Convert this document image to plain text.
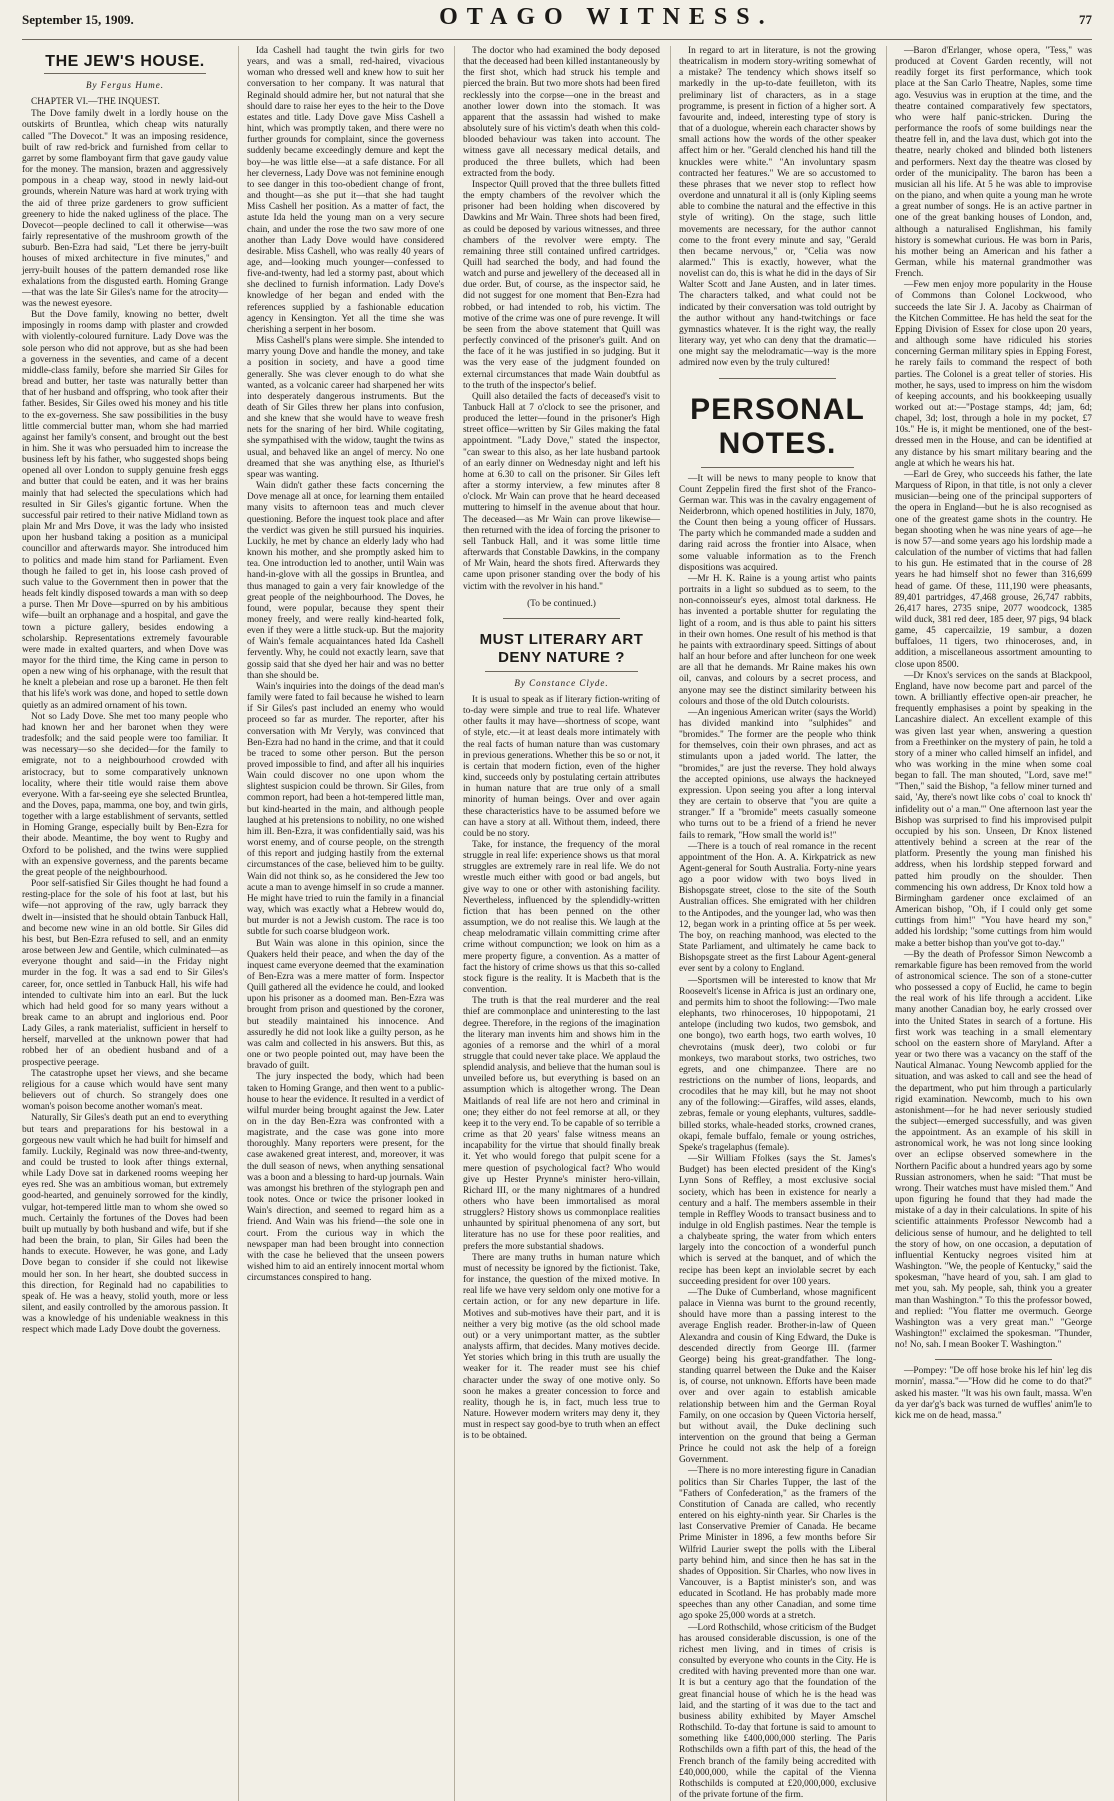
September 15, 1909.	OTAGO WITNESS.	77
THE JEW'S HOUSE.
By Fergus Hume.
CHAPTER VI.—THE INQUEST.

The Dove family dwelt in a lordly house on the outskirts of Bruntlea, which cheap wits naturally called "The Dovecot." It was an imposing residence, built of raw red-brick and furnished from cellar to garret by some flamboyant firm that gave gaudy value for the money. The mansion, brazen and aggressively pompous in a cheap way, stood in newly laid-out grounds, wherein Nature was hard at work trying with the aid of three prize gardeners to grow sufficient greenery to hide the naked ugliness of the place. The Dovecot—people declined to call it otherwise—was fairly representative of the mushroom growth of the suburb. Ben-Ezra had said, "Let there be jerry-built houses of mixed architecture in five minutes," and jerry-built houses of the pattern demanded rose like exhalations from the disgusted earth. Homing Grange—that was the late Sir Giles's name for the atrocity—was the newest eyesore.

But the Dove family, knowing no better, dwelt imposingly in rooms damp with plaster and crowded with violently-coloured furniture. Lady Dove was the sole person who did not approve, but as she had been a governess in the seventies, and came of a decent middle-class family, before she married Sir Giles for bread and butter, her taste was naturally better than that of her husband and offspring, who took after their father. Besides, Sir Giles owed his money and his title to the ex-governess. She saw possibilities in the busy little commercial butter man, whom she had married against her family's consent, and brought out the best in him. She it was who persuaded him to increase the business left by his father, who suggested shops being opened all over London to supply genuine fresh eggs and butter that could be eaten, and it was her brains mainly that had selected the speculations which had resulted in Sir Giles's gigantic fortune. When the successful pair retired to their native Midland town as plain Mr and Mrs Dove, it was the lady who insisted upon her husband taking a position as a municipal councillor and afterwards mayor. She introduced him to politics and made him stand for Parliament. Even though he failed to get in, his loose cash proved of such value to the Government then in power that the heads felt kindly disposed towards a man with so deep a purse. Then Mr Dove—spurred on by his ambitious wife—built an orphanage and a hospital, and gave the town a picture gallery, besides endowing a scholarship. Representations extremely favourable were made in exalted quarters, and when Dove was mayor for the third time, the King came in person to open a new wing of his orphanage, with the result that he knelt a plebeian and rose up a baronet. He then felt that his life's work was done, and hoped to settle down quietly as an admired ornament of his town.

Not so Lady Dove. She met too many people who had known her and her baronet when they were tradesfolk; and the said people were too familiar. It was necessary—so she decided—for the family to emigrate, not to a neighbourhood crowded with aristocracy, but to some comparatively unknown locality, where their title would raise them above everyone. With a far-seeing eye she selected Bruntlea, and the Doves, papa, mamma, one boy, and twin girls, together with a large establishment of servants, settled in Homing Grange, especially built by Ben-Ezra for their abode. Meantime, the boy went to Rugby and Oxford to be polished, and the twins were supplied with an expensive governess, and the parents became the great people of the neighbourhood.

Poor self-satisfied Sir Giles thought he had found a resting-place for the sole of his foot at last, but his wife—not approving of the raw, ugly barrack they dwelt in—insisted that he should obtain Tanbuck Hall, and become new wine in an old bottle. Sir Giles did his best, but Ben-Ezra refused to sell, and an enmity arose between Jew and Gentile, which culminated—as everyone thought and said—in the Friday night murder in the fog. It was a sad end to Sir Giles's career, for, once settled in Tanbuck Hall, his wife had intended to cultivate him into an earl. But the luck which had held good for so many years without a break came to an abrupt and inglorious end. Poor Lady Giles, a rank materialist, sufficient in herself to herself, marvelled at the unknown power that had robbed her of an obedient husband and of a prospective peerage.

The catastrophe upset her views, and she became religious for a cause which would have sent many believers out of church. So strangely does one woman's poison become another woman's meat.

Naturally, Sir Giles's death put an end to everything but tears and preparations for his bestowal in a gorgeous new vault which he had built for himself and family. Luckily, Reginald was now three-and-twenty, and could be trusted to look after things external, while Lady Dove sat in darkened rooms weeping her eyes red. She was an ambitious woman, but extremely good-hearted, and genuinely sorrowed for the kindly, vulgar, hot-tempered little man to whom she owed so much. Certainly the fortunes of the Doves had been built up mutually by both husband and wife, but if she had been the brain, to plan, Sir Giles had been the hands to execute. However, he was gone, and Lady Dove began to consider if she could not likewise mould her son. In her heart, she doubted success in this direction, for Reginald had no capabilities to speak of. He was a heavy, stolid youth, more or less silent, and easily controlled by the amorous passion. It was a knowledge of his undeniable weakness in this respect which made Lady Dove doubt the governess.

Ida Cashell had taught the twin girls for two years, and was a small, red-haired, vivacious woman who dressed well and knew how to suit her conversation to her company. It was natural that Reginald should admire her, but not natural that she should dare to raise her eyes to the heir to the Dove estates and title. Lady Dove gave Miss Cashell a hint, which was promptly taken, and there were no further grounds for complaint, since the governess suddenly became exceedingly demure and kept the boy—he was little else—at a safe distance. For all her cleverness, Lady Dove was not feminine enough to see danger in this too-obedient change of front, and thought—as she put it—that she had taught Miss Cashell her position. As a matter of fact, the astute Ida held the young man on a very secure chain, and under the rose the two saw more of one another than Lady Dove would have considered desirable. Miss Cashell, who was really 40 years of age, and—looking much younger—confessed to five-and-twenty, had led a stormy past, about which she declined to furnish information. Lady Dove's knowledge of her began and ended with the references supplied by a fashionable education agency in Kensington. Yet all the time she was cherishing a serpent in her bosom.

Miss Cashell's plans were simple. She intended to marry young Dove and handle the money, and take a position in society, and have a good time generally. She was clever enough to do what she wanted, as a volcanic career had sharpened her wits into desperately dangerous instruments. But the death of Sir Giles threw her plans into confusion, and she knew that she would have to weave fresh nets for the snaring of her bird. While cogitating, she sympathised with the widow, taught the twins as usual, and behaved like an angel of mercy. No one dreamed that she was anything else, as Ithuriel's spear was wanting.

Wain didn't gather these facts concerning the Dove menage all at once, for learning them entailed many visits to afternoon teas and much clever questioning. Before the inquest took place and after the verdict was given he still pursued his inquiries. Luckily, he met by chance an elderly lady who had known his mother, and she promptly asked him to tea. One introduction led to another, until Wain was hand-in-glove with all the gossips in Bruntlea, and thus managed to gain a very fair knowledge of the great people of the neighbourhood. The Doves, he found, were popular, because they spent their money freely, and were really kind-hearted folk, even if they were a little stuck-up. But the majority of Wain's female acquaintances hated Ida Cashell fervently. Why, he could not exactly learn, save that gossip said that she dyed her hair and was no better than she should be.

Wain's inquiries into the doings of the dead man's family were fated to fail because he wished to learn if Sir Giles's past included an enemy who would proceed so far as murder. The reporter, after his conversation with Mr Veryly, was convinced that Ben-Ezra had no hand in the crime, and that it could be traced to some other person. But the person proved impossible to find, and after all his inquiries Wain could discover no one upon whom the slightest suspicion could be thrown. Sir Giles, from common report, had been a hot-tempered little man, but kind-hearted in the main, and although people laughed at his pretensions to nobility, no one wished him ill. Ben-Ezra, it was confidentially said, was his worst enemy, and of course people, on the strength of this report and judging hastily from the external circumstances of the case, believed him to be guilty. Wain did not think so, as he considered the Jew too acute a man to avenge himself in so crude a manner. He might have tried to ruin the family in a financial way, which was exactly what a Hebrew would do, but murder is not a Jewish custom. The race is too subtle for such coarse bludgeon work.

But Wain was alone in this opinion, since the Quakers held their peace, and when the day of the inquest came everyone deemed that the examination of Ben-Ezra was a mere matter of form. Inspector Quill gathered all the evidence he could, and looked upon his prisoner as a doomed man. Ben-Ezra was brought from prison and questioned by the coroner, but steadily maintained his innocence. And assuredly he did not look like a guilty person, as he was calm and collected in his answers. But this, as one or two people pointed out, may have been the bravado of guilt.

The jury inspected the body, which had been taken to Homing Grange, and then went to a public-house to hear the evidence. It resulted in a verdict of wilful murder being brought against the Jew. Later on in the day Ben-Ezra was confronted with a magistrate, and the case was gone into more thoroughly. Many reporters were present, for the case awakened great interest, and, moreover, it was the dull season of news, when anything sensational was a boon and a blessing to hard-up journals. Wain was amongst his brethren of the stylograph pen and took notes. Once or twice the prisoner looked in Wain's direction, and seemed to regard him as a friend. And Wain was his friend—the sole one in court. From the curious way in which the newspaper man had been brought into connection with the case he believed that the unseen powers wished him to aid an entirely innocent mortal whom circumstances conspired to hang.

The doctor who had examined the body deposed that the deceased had been killed instantaneously by the first shot, which had struck his temple and pierced the brain. But two more shots had been fired recklessly into the corpse—one in the breast and another lower down into the stomach. It was apparent that the assassin had wished to make absolutely sure of his victim's death when this cold-blooded behaviour was taken into account. The witness gave all necessary medical details, and produced the three bullets, which had been extracted from the body.

Inspector Quill proved that the three bullets fitted the empty chambers of the revolver which the prisoner had been holding when discovered by Dawkins and Mr Wain. Three shots had been fired, as could be deposed by various witnesses, and three chambers of the revolver were empty. The remaining three still contained unfired cartridges. Quill had searched the body, and had found the watch and purse and jewellery of the deceased all in due order. But, of course, as the inspector said, he did not suggest for one moment that Ben-Ezra had robbed, or had intended to rob, his victim. The motive of the crime was one of pure revenge. It will be seen from the above statement that Quill was perfectly convinced of the prisoner's guilt. And on the face of it he was justified in so judging. But it was the very ease of the judgment founded on external circumstances that made Wain doubtful as to the truth of the inspector's belief.

Quill also detailed the facts of deceased's visit to Tanbuck Hall at 7 o'clock to see the prisoner, and produced the letter—found in the prisoner's High street office—written by Sir Giles making the fatal appointment. "Lady Dove," stated the inspector, "can swear to this also, as her late husband partook of an early dinner on Wednesday night and left his home at 6.30 to call on the prisoner. Sir Giles left after a stormy interview, a few minutes after 8 o'clock. Mr Wain can prove that he heard deceased muttering to himself in the avenue about that hour. The deceased—as Mr Wain can prove likewise—then returned with the idea of forcing the prisoner to sell Tanbuck Hall, and it was some little time afterwards that Constable Dawkins, in the company of Mr Wain, heard the shots fired. Afterwards they came upon prisoner standing over the body of his victim with the revolver in his hand."

(To be continued.)
MUST LITERARY ART DENY NATURE ?
By Constance Clyde.

It is usual to speak as if literary fiction-writing of to-day were simple and true to real life. Whatever other faults it may have—shortness of scope, want of style, etc.—it at least deals more intimately with the real facts of human nature than was customary in previous generations. Whether this be so or not, it is certain that modern fiction, even of the higher kind, succeeds only by postulating certain attributes in human nature that are true only of a small minority of human beings. Over and over again these characteristics have to be assumed before we can have a story at all. Without them, indeed, there could be no story.

Take, for instance, the frequency of the moral struggle in real life: experience shows us that moral struggles are extremely rare in real life. We do not wrestle much either with good or bad angels, but give way to one or other with astonishing facility. Nevertheless, influenced by the splendidly-written fiction that has been penned on the other assumption, we do not realise this. We laugh at the cheap melodramatic villain committing crime after crime without compunction; we look on him as a mere property figure, a convention. As a matter of fact the history of crime shows us that this so-called stock figure is the reality. It is Macbeth that is the convention.

The truth is that the real murderer and the real thief are commonplace and uninteresting to the last degree. Therefore, in the regions of the imagination the literary man invents him and shows him in the agonies of a remorse and the whirl of a moral struggle that could never take place. We applaud the splendid analysis, and believe that the human soul is unveiled before us, but everything is based on an assumption which is altogether wrong. The Dean Maitlands of real life are not hero and criminal in one; they either do not feel remorse at all, or they keep it to the very end. To be capable of so terrible a crime as that 20 years' false witness means an incapability for the virtue that should finally break it. Yet who would forego that pulpit scene for a mere question of psychological fact? Who would give up Hester Prynne's minister hero-villain, Richard III, or the many nightmares of a hundred others who have been immortalised as moral strugglers? History shows us commonplace realities unhaunted by spiritual phenomena of any sort, but literature has no use for these poor realities, and prefers the more substantial shadows.

There are many truths in human nature which must of necessity be ignored by the fictionist. Take, for instance, the question of the mixed motive. In real life we have very seldom only one motive for a certain action, or for any new departure in life. Motives and sub-motives have their part, and it is neither a very big motive (as the old school made out) or a very unimportant matter, as the subtler analysts affirm, that decides. Many motives decide. Yet stories which bring in this truth are usually the weaker for it. The reader must see his chief character under the sway of one motive only. So soon he makes a greater concession to force and reality, though he is, in fact, much less true to Nature. However modern writers may deny it, they must in respect say good-bye to truth when an effect is to be obtained.

In regard to art in literature, is not the growing theatricalism in modern story-writing somewhat of a mistake? The tendency which shows itself so markedly in the up-to-date feuilleton, with its preliminary list of characters, as in a stage programme, is present in fiction of a higher sort. A favourite and, indeed, interesting type of story is that of a duologue, wherein each character shows by small actions how the words of the other speaker affect him or her. "Gerald clenched his hand till the knuckles were white." "An involuntary spasm contracted her features." We are so accustomed to these phrases that we never stop to reflect how overdone and unnatural it all is (only Kipling seems able to combine the natural and the effective in this style of writing). On the stage, such little movements are necessary, for the author cannot come to the front every minute and say, "Gerald then became nervous," or, "Celia was now alarmed." This is exactly, however, what the novelist can do, this is what he did in the days of Sir Walter Scott and Jane Austen, and in later times. The characters talked, and what could not be indicated by their conversation was told outright by the author without any hand-twitchings or face gymnastics whatever. It is the right way, the really literary way, yet who can deny that the dramatic—one might say the melodramatic—way is the more admired now even by the truly cultured!

PERSONAL NOTES.

—It will be news to many people to know that Count Zeppelin fired the first shot of the Franco-German war. This was in the cavalry engagement of Neiderbronn, which opened hostilities in July, 1870, the Count then being a young officer of Hussars. The party which he commanded made a sudden and daring raid across the frontier into Alsace, when some valuable information as to the French dispositions was acquired.

—Mr H. K. Raine is a young artist who paints portraits in a light so subdued as to seem, to the non-connoisseur's eyes, almost total darkness. He has invented a portable shutter for regulating the light of a room, and is thus able to paint his sitters in their own homes. One result of his method is that he paints with extraordinary speed. Sittings of about half an hour before and after luncheon for one week are all that he demands. Mr Raine makes his own oil, canvas, and colours by a secret process, and anyone may see the distinct similarity between his colours and those of the old Dutch colourists.

—An ingenious American writer (says the World) has divided mankind into "sulphides" and "bromides." The former are the people who think for themselves, coin their own phrases, and act as stimulants upon a jaded world. The latter, the "bromides," are just the reverse. They hold always the accepted opinions, use always the hackneyed expression. Upon seeing you after a long interval they are certain to observe that "you are quite a stranger." If a "bromide" meets casually someone who turns out to be a friend of a friend he never fails to remark, "How small the world is!"

—There is a touch of real romance in the recent appointment of the Hon. A. A. Kirkpatrick as new Agent-general for South Australia. Forty-nine years ago a poor widow with two boys lived in Bishopsgate street, close to the site of the South Australian offices. She emigrated with her children to the Antipodes, and the younger lad, who was then 12, began work in a printing office at 5s per week. The boy, on reaching manhood, was elected to the State Parliament, and ultimately he came back to Bishopsgate street as the first Labour Agent-general ever sent by a colony to England.

—Sportsmen will be interested to know that Mr Roosevelt's license in Africa is just an ordinary one, and permits him to shoot the following:—Two male elephants, two rhinoceroses, 10 hippopotami, 21 antelope (including two kudos, two gemsbok, and one bongo), two earth hogs, two earth wolves, 10 chevrotains (musk deer), two colobi or fur monkeys, two marabout storks, two ostriches, two egrets, and one chimpanzee. There are no restrictions on the number of lions, leopards, and crocodiles that he may kill, but he may not shoot any of the following:—Giraffes, wild asses, elands, zebras, female or young elephants, vultures, saddle-billed storks, whale-headed storks, crowned cranes, okapi, female buffalo, female or young ostriches, Speke's tragelaphus (female).

—Sir William Ffolkes (says the St. James's Budget) has been elected president of the King's Lynn Sons of Reffley, a most exclusive social society, which has been in existence for nearly a century and a half. The members assemble in their temple in Reffley Woods to transact business and to indulge in old English pastimes. Near the temple is a chalybeate spring, the water from which enters largely into the concoction of a wonderful punch which is served at the banquet, and of which the recipe has been kept an inviolable secret by each succeeding president for over 100 years.

—The Duke of Cumberland, whose magnificent palace in Vienna was burnt to the ground recently, should have more than a passing interest to the average English reader. Brother-in-law of Queen Alexandra and cousin of King Edward, the Duke is descended directly from George III. (farmer George) being his great-grandfather. The long-standing quarrel between the Duke and the Kaiser is, of course, not unknown. Efforts have been made over and over again to establish amicable relationship between him and the German Royal Family, on one occasion by Queen Victoria herself, but without avail, the Duke declining such intervention on the ground that being a German Prince he could not ask the help of a foreign Government.

—There is no more interesting figure in Canadian politics than Sir Charles Tupper, the last of the "Fathers of Confederation," as the framers of the Constitution of Canada are called, who recently entered on his eighty-ninth year. Sir Charles is the last Conservative Premier of Canada. He became Prime Minister in 1896, a few months before Sir Wilfrid Laurier swept the polls with the Liberal party behind him, and since then he has sat in the shades of Opposition. Sir Charles, who now lives in Vancouver, is a Baptist minister's son, and was educated in Scotland. He has probably made more speeches than any other Canadian, and some time ago spoke 25,000 words at a stretch.

—Lord Rothschild, whose criticism of the Budget has aroused considerable discussion, is one of the richest men living, and in times of crisis is consulted by everyone who counts in the City. He is credited with having prevented more than one war. It is but a century ago that the foundation of the great financial house of which he is the head was laid, and the starting of it was due to the tact and business ability exhibited by Mayer Amschel Rothschild. To-day that fortune is said to amount to something like £400,000,000 sterling. The Paris Rothschilds own a fifth part of this, the head of the French branch of the family being accredited with £40,000,000, while the capital of the Vienna Rothschilds is computed at £20,000,000, exclusive of the private fortune of the firm.

—Baron d'Erlanger, whose opera, "Tess," was produced at Covent Garden recently, will not readily forget its first performance, which took place at the San Carlo Theatre, Naples, some time ago. Vesuvius was in eruption at the time, and the theatre contained comparatively few spectators, who were half panic-stricken. During the performance the roofs of some buildings near the theatre fell in, and the lava dust, which got into the theatre, nearly choked and blinded both listeners and performers. Next day the theatre was closed by order of the municipality. The baron has been a musician all his life. At 5 he was able to improvise on the piano, and when quite a young man he wrote a great number of songs. He is an active partner in one of the great banking houses of London, and, although a naturalised Englishman, his family history is somewhat curious. He was born in Paris, his mother being an American and his father a German, while his maternal grandmother was French.

—Few men enjoy more popularity in the House of Commons than Colonel Lockwood, who succeeds the late Sir J. A. Jacoby as Chairman of the Kitchen Committee. He has held the seat for the Epping Division of Essex for close upon 20 years, and although some have ridiculed his stories concerning German military spies in Epping Forest, he rarely fails to command the respect of both parties. The Colonel is a great teller of stories. His mother, he says, used to impress on him the wisdom of keeping accounts, and his bookkeeping usually worked out at:—"Postage stamps, 4d; jam, 6d; chapel, 3d; lost, through a hole in my pocket, £7 10s." He is, it might be mentioned, one of the best-dressed men in the House, and can be identified at any distance by his smart military bearing and the angle at which he wears his hat.

—Earl de Grey, who succeeds his father, the late Marquess of Ripon, in that title, is not only a clever musician—being one of the principal supporters of the opera in England—but he is also recognised as one of the greatest game shots in the country. He began shooting when he was nine years of age—he is now 57—and some years ago his lordship made a calculation of the number of victims that had fallen to his gun. He estimated that in the course of 28 years he had himself shot no fewer than 316,699 head of game. Of these, 111,190 were pheasants, 89,401 partridges, 47,468 grouse, 26,747 rabbits, 26,417 hares, 2735 snipe, 2077 woodcock, 1385 wild duck, 381 red deer, 185 deer, 97 pigs, 94 black game, 45 capercailzie, 19 sambur, a dozen buffaloes, 11 tigers, two rhinoceroses, and, in addition, a miscellaneous assortment amounting to close upon 8500.

—Dr Knox's services on the sands at Blackpool, England, have now become part and parcel of the town. A brilliantly effective open-air preacher, he frequently emphasises a point by speaking in the Lancashire dialect. An excellent example of this was given last year when, answering a question from a Freethinker on the mystery of pain, he told a story of a miner who called himself an infidel, and who was working in the mine when some coal began to fall. The man shouted, "Lord, save me!" "Then," said the Bishop, "a fellow miner turned and said, 'Ay, there's nowt like cobs o' coal to knock th' infidelity out o' a man.'" One afternoon last year the Bishop was surprised to find his improvised pulpit occupied by his son. Unseen, Dr Knox listened attentively behind a screen at the rear of the platform. Presently the young man finished his address, when his lordship stepped forward and patted him proudly on the shoulder. Then commencing his own address, Dr Knox told how a Birmingham gardener once exclaimed of an American bishop, "Oh, if I could only get some cuttings from him!" "You have heard my son," added his lordship; "some cuttings from him would make a better bishop than you've got to-day."

—By the death of Professor Simon Newcomb a remarkable figure has been removed from the world of astronomical science. The son of a stone-cutter who possessed a copy of Euclid, he came to begin the real work of his life through a accident. Like many another Canadian boy, he early crossed over into the United States in search of a fortune. His first work was teaching in a small elementary school on the eastern shore of Maryland. After a year or two there was a vacancy on the staff of the Nautical Almanac. Young Newcomb applied for the situation, and was asked to call and see the head of the department, who put him through a particularly rigid examination. Newcomb, much to his own astonishment—for he had never seriously studied the subject—emerged successfully, and was given the appointment. As an example of his skill in astronomical work, he was not long since looking over an eclipse observed somewhere in the Northern Pacific about a hundred years ago by some Russian astronomers, when he said: "That must be wrong. Their watches must have misled them." And upon figuring he found that they had made the mistake of a day in their calculations. In spite of his scientific attainments Professor Newcomb had a delicious sense of humour, and he delighted to tell the story of how, on one occasion, a deputation of influential Kentucky negroes visited him at Washington. "We, the people of Kentucky," said the spokesman, "have heard of you, sah. I am glad to met you, sah. My people, sah, think you a greater man than Washington." To this the professor bowed, and replied: "You flatter me overmuch. George Washington was a very great man." "George Washington!" exclaimed the spokesman. "Thunder, no! No, sah. I mean Booker T. Washington."

—Pompey: "De off hose broke his lef hin' leg dis mornin', massa."—"How did he come to do that?" asked his master. "It was his own fault, massa. W'en da yer dar'g's back was turned de wuffles' anim'le to kick me on de head, massa."
